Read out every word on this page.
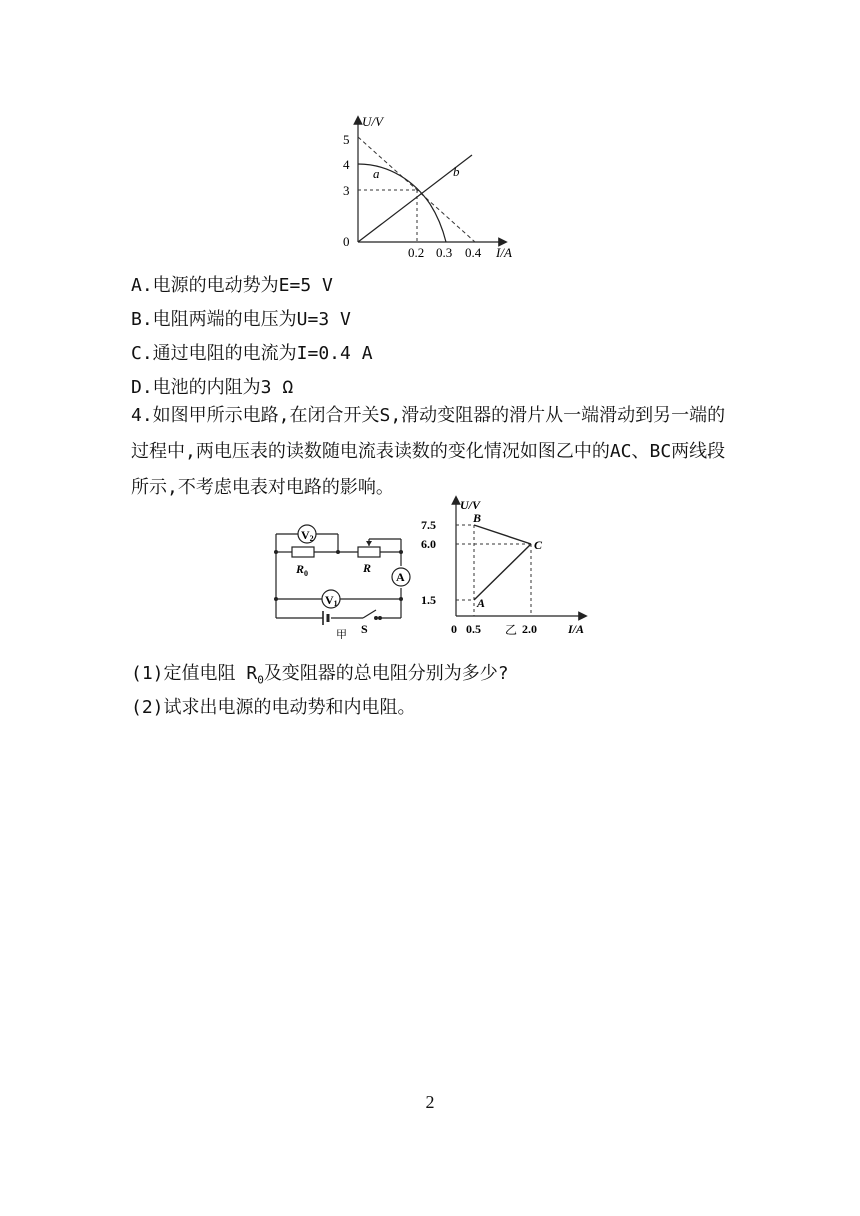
U/V
I/A
5
4
3
0
0.2 0.3 0.4
b
a
A.电源的电动势为E=5 V
B.电阻两端的电压为U=3 V
C.通过电阻的电流为I=0.4 A
D.电池的内阻为3 Ω
4.如图甲所示电路,在闭合开关S,滑动变阻器的滑片从一端滑动到另一端的过程中,两电压表的读数随电流表读数的变化情况如图乙中的AC、BC两线段所示,不考虑电表对电路的影响。
V2
$R_0$	R
A
V1
S
甲
U/V
I/A
7.5
6.0
1.5
0 0.5	2.0
B
C
A
乙
(1)定值电阻 $R_0$及变阻器的总电阻分别为多少?
(2)试求出电源的电动势和内电阻。
2
